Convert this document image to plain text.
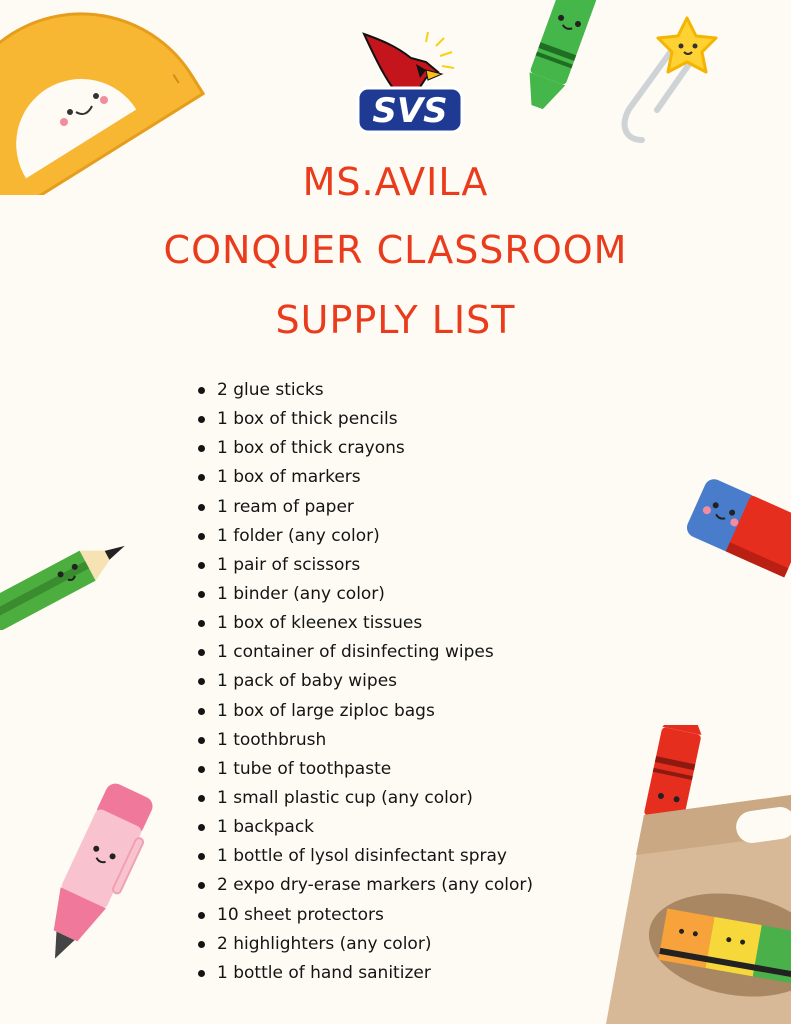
SVS
MS.AVILA
CONQUER CLASSROOM
SUPPLY LIST
2 glue sticks
1 box of thick pencils
1 box of thick crayons
1 box of markers
1 ream of paper
1 folder (any color)
1 pair of scissors
1 binder (any color)
1 box of kleenex tissues
1 container of disinfecting wipes
1 pack of baby wipes
1 box of large ziploc bags
1 toothbrush
1 tube of toothpaste
1 small plastic cup (any color)
1 backpack
1 bottle of lysol disinfectant spray
2 expo dry-erase markers (any color)
10 sheet protectors
2 highlighters (any color)
1 bottle of hand sanitizer
